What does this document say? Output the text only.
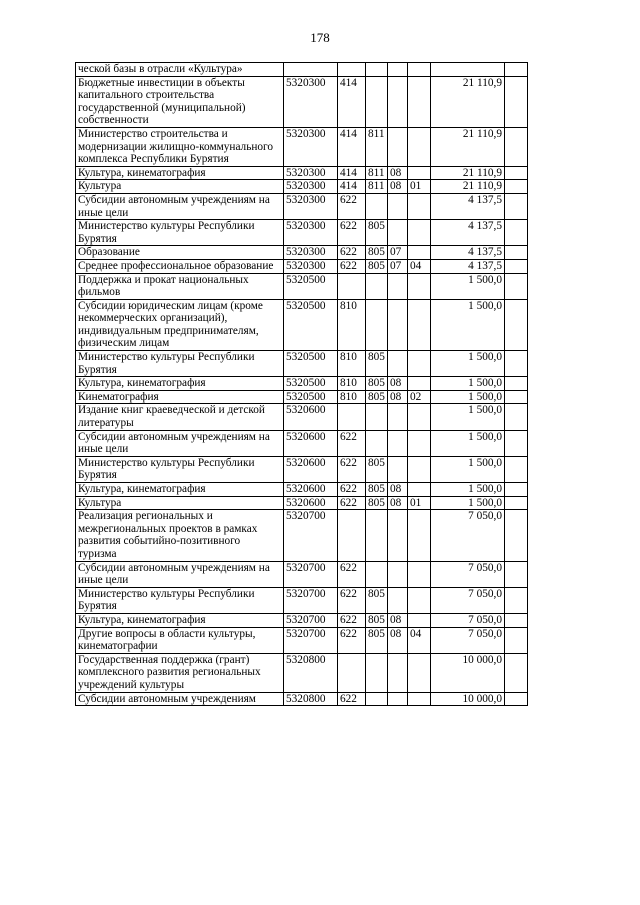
178
ческой базы в отрасли «Культура»							
Бюджетные инвестиции в объекты капитального строительства государственной (муниципальной) собственности	5320300	414				21 110,9	
Министерство строительства и модернизации жилищно-коммунального комплекса Республики Бурятия	5320300	414	811			21 110,9	
Культура, кинематография	5320300	414	811	08		21 110,9	
Культура	5320300	414	811	08	01	21 110,9	
Субсидии автономным учреждениям на иные цели	5320300	622				4 137,5	
Министерство культуры Республики Бурятия	5320300	622	805			4 137,5	
Образование	5320300	622	805	07		4 137,5	
Среднее профессиональное образование	5320300	622	805	07	04	4 137,5	
Поддержка и прокат национальных фильмов	5320500					1 500,0	
Субсидии юридическим лицам (кроме некоммерческих организаций), индивидуальным предпринимателям, физическим лицам	5320500	810				1 500,0	
Министерство культуры Республики Бурятия	5320500	810	805			1 500,0	
Культура, кинематография	5320500	810	805	08		1 500,0	
Кинематография	5320500	810	805	08	02	1 500,0	
Издание книг краеведческой и детской литературы	5320600					1 500,0	
Субсидии автономным учреждениям на иные цели	5320600	622				1 500,0	
Министерство культуры Республики Бурятия	5320600	622	805			1 500,0	
Культура, кинематография	5320600	622	805	08		1 500,0	
Культура	5320600	622	805	08	01	1 500,0	
Реализация региональных и межрегиональных проектов в рамках развития событийно-позитивного туризма	5320700					7 050,0	
Субсидии автономным учреждениям на иные цели	5320700	622				7 050,0	
Министерство культуры Республики Бурятия	5320700	622	805			7 050,0	
Культура, кинематография	5320700	622	805	08		7 050,0	
Другие вопросы в области культуры, кинематографии	5320700	622	805	08	04	7 050,0	
Государственная поддержка (грант) комплексного развития региональных учреждений культуры	5320800					10 000,0	
Субсидии автономным учреждениям	5320800	622				10 000,0	
